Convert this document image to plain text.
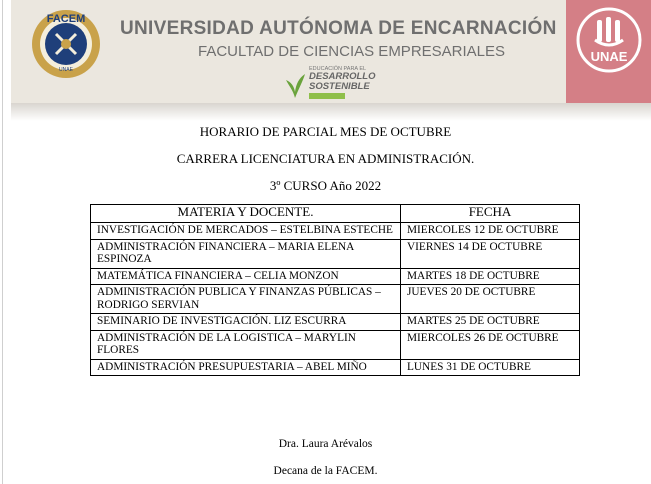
FACEM
UNAE
UNIVERSIDAD AUTÓNOMA DE ENCARNACIÓN
FACULTAD DE CIENCIAS EMPRESARIALES
EDUCACIÓN PARA EL
DESARROLLO
SOSTENIBLE
UNAE
HORARIO DE PARCIAL MES DE OCTUBRE
CARRERA LICENCIATURA EN ADMINISTRACIÓN.
3º CURSO Año 2022
MATERIA Y DOCENTE.	FECHA
INVESTIGACIÓN DE MERCADOS – ESTELBINA ESTECHE	MIERCOLES 12 DE OCTUBRE
ADMINISTRACIÓN FINANCIERA – MARIA ELENA ESPINOZA	VIERNES 14 DE OCTUBRE
MATEMÁTICA FINANCIERA – CELIA MONZON	MARTES 18 DE OCTUBRE
ADMINISTRACIÓN PUBLICA Y FINANZAS PÚBLICAS – RODRIGO SERVIAN	JUEVES 20 DE OCTUBRE
SEMINARIO DE INVESTIGACIÓN. LIZ ESCURRA	MARTES 25 DE OCTUBRE
ADMINISTRACIÓN DE LA LOGISTICA – MARYLIN FLORES	MIERCOLES 26 DE OCTUBRE
ADMINISTRACIÓN PRESUPUESTARIA – ABEL MIÑO	LUNES 31 DE OCTUBRE
Dra. Laura Arévalos
Decana de la FACEM.
